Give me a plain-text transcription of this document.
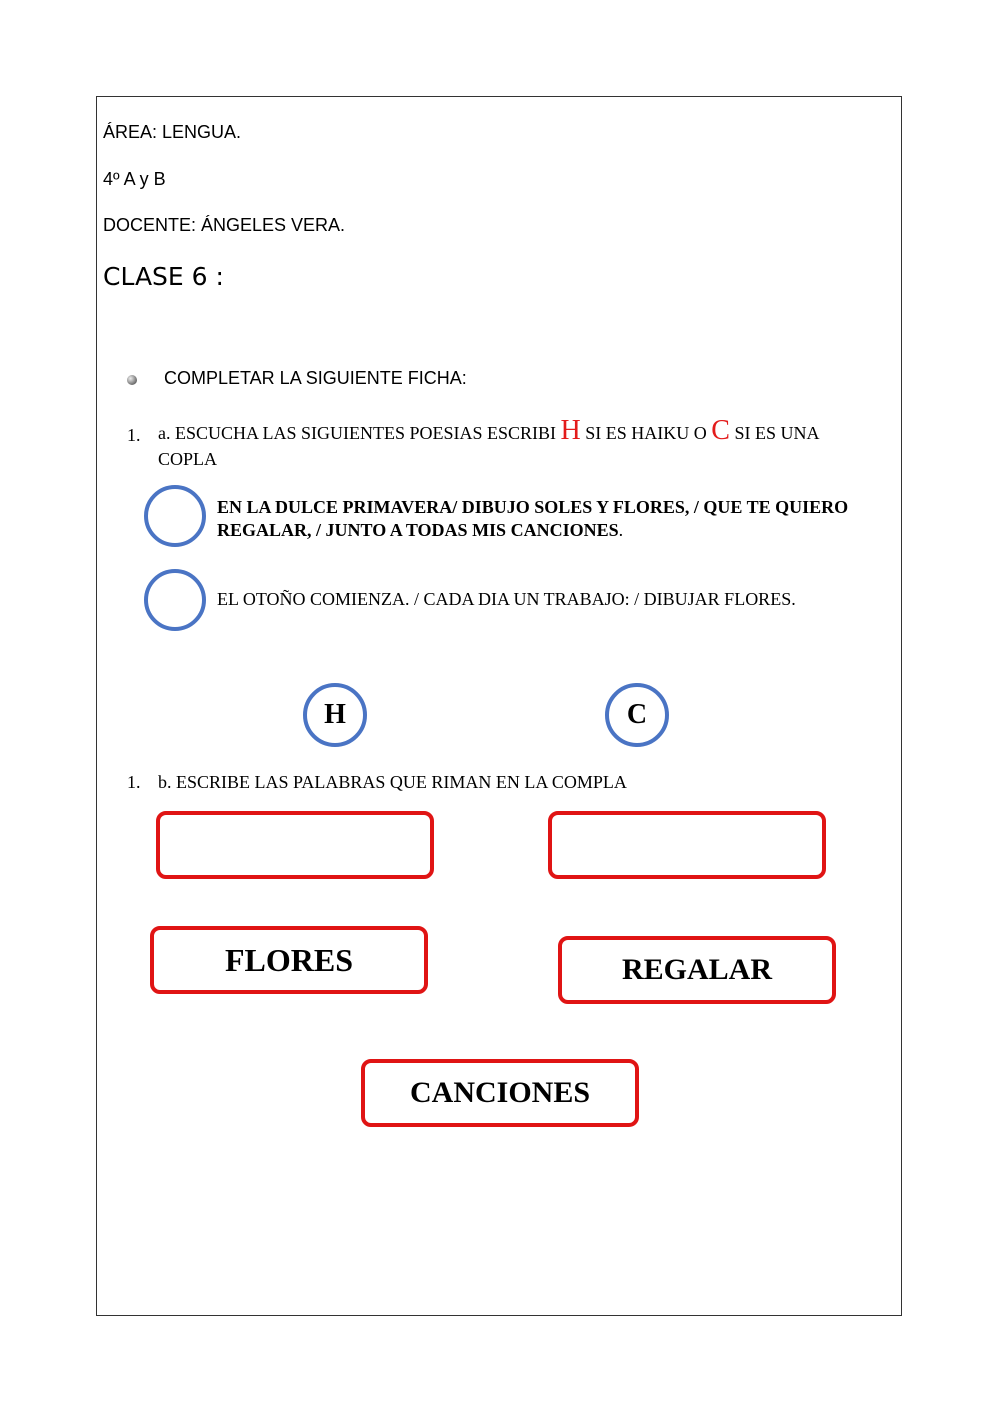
ÁREA: LENGUA.
4º A y B
DOCENTE: ÁNGELES VERA.
CLASE 6 :
COMPLETAR LA SIGUIENTE FICHA:
1. a. ESCUCHA LAS SIGUIENTES POESIAS ESCRIBI H SI ES HAIKU O C SI ES UNA COPLA
EN LA DULCE PRIMAVERA/ DIBUJO SOLES Y FLORES, / QUE TE QUIERO REGALAR, / JUNTO A TODAS MIS CANCIONES.
EL OTOÑO COMIENZA. / CADA DIA UN TRABAJO: / DIBUJAR FLORES.
H	C
1. b. ESCRIBE LAS PALABRAS QUE RIMAN EN LA COMPLA
FLORES	REGALAR
CANCIONES
